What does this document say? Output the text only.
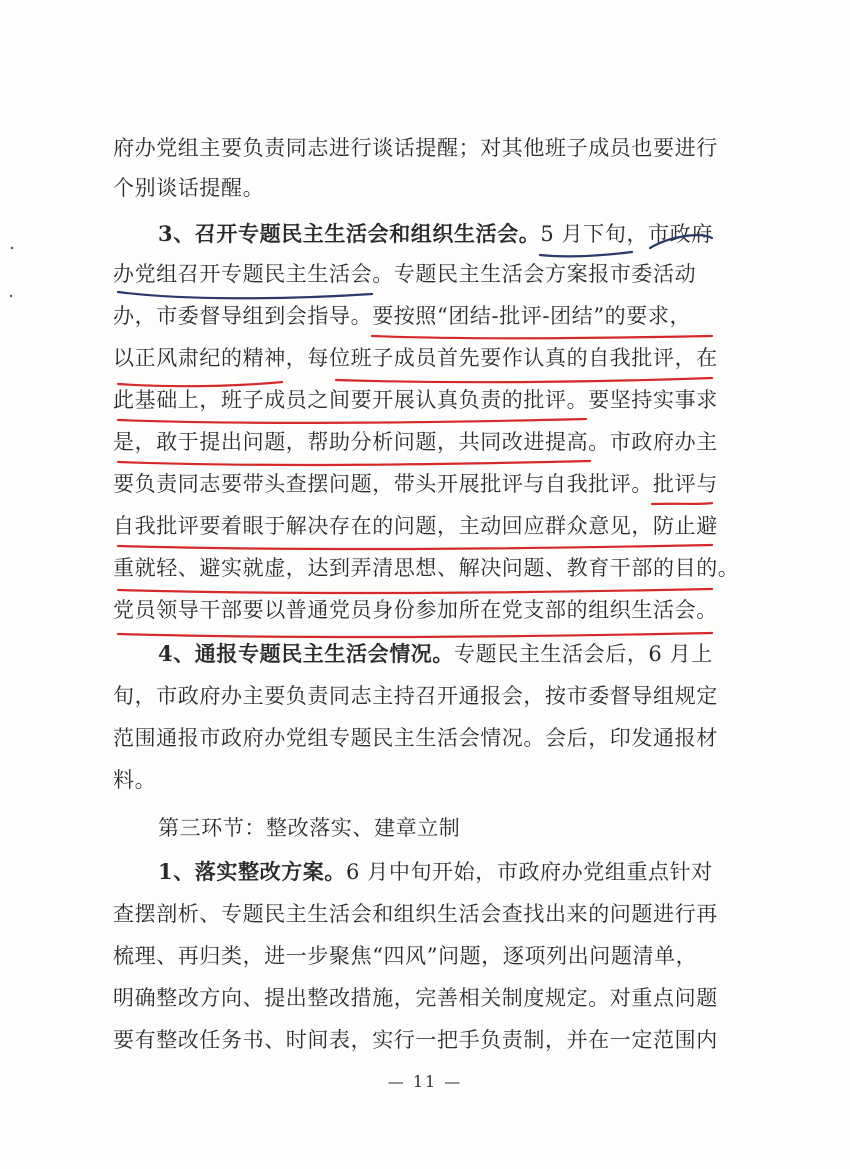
府办党组主要负责同志进行谈话提醒；对其他班子成员也要进行
个别谈话提醒。
3、召开专题民主生活会和组织生活会。5 月下旬，市政府
办党组召开专题民主生活会。专题民主生活会方案报市委活动
办，市委督导组到会指导。要按照“团结-批评-团结”的要求，
以正风肃纪的精神，每位班子成员首先要作认真的自我批评，在
此基础上，班子成员之间要开展认真负责的批评。要坚持实事求
是，敢于提出问题，帮助分析问题，共同改进提高。市政府办主
要负责同志要带头查摆问题，带头开展批评与自我批评。批评与
自我批评要着眼于解决存在的问题，主动回应群众意见，防止避
重就轻、避实就虚，达到弄清思想、解决问题、教育干部的目的。
党员领导干部要以普通党员身份参加所在党支部的组织生活会。
4、通报专题民主生活会情况。专题民主生活会后，6 月上
旬，市政府办主要负责同志主持召开通报会，按市委督导组规定
范围通报市政府办党组专题民主生活会情况。会后，印发通报材
料。
第三环节：整改落实、建章立制
1、落实整改方案。6 月中旬开始，市政府办党组重点针对
查摆剖析、专题民主生活会和组织生活会查找出来的问题进行再
梳理、再归类，进一步聚焦“四风”问题，逐项列出问题清单，
明确整改方向、提出整改措施，完善相关制度规定。对重点问题
要有整改任务书、时间表，实行一把手负责制，并在一定范围内
— 11 —
